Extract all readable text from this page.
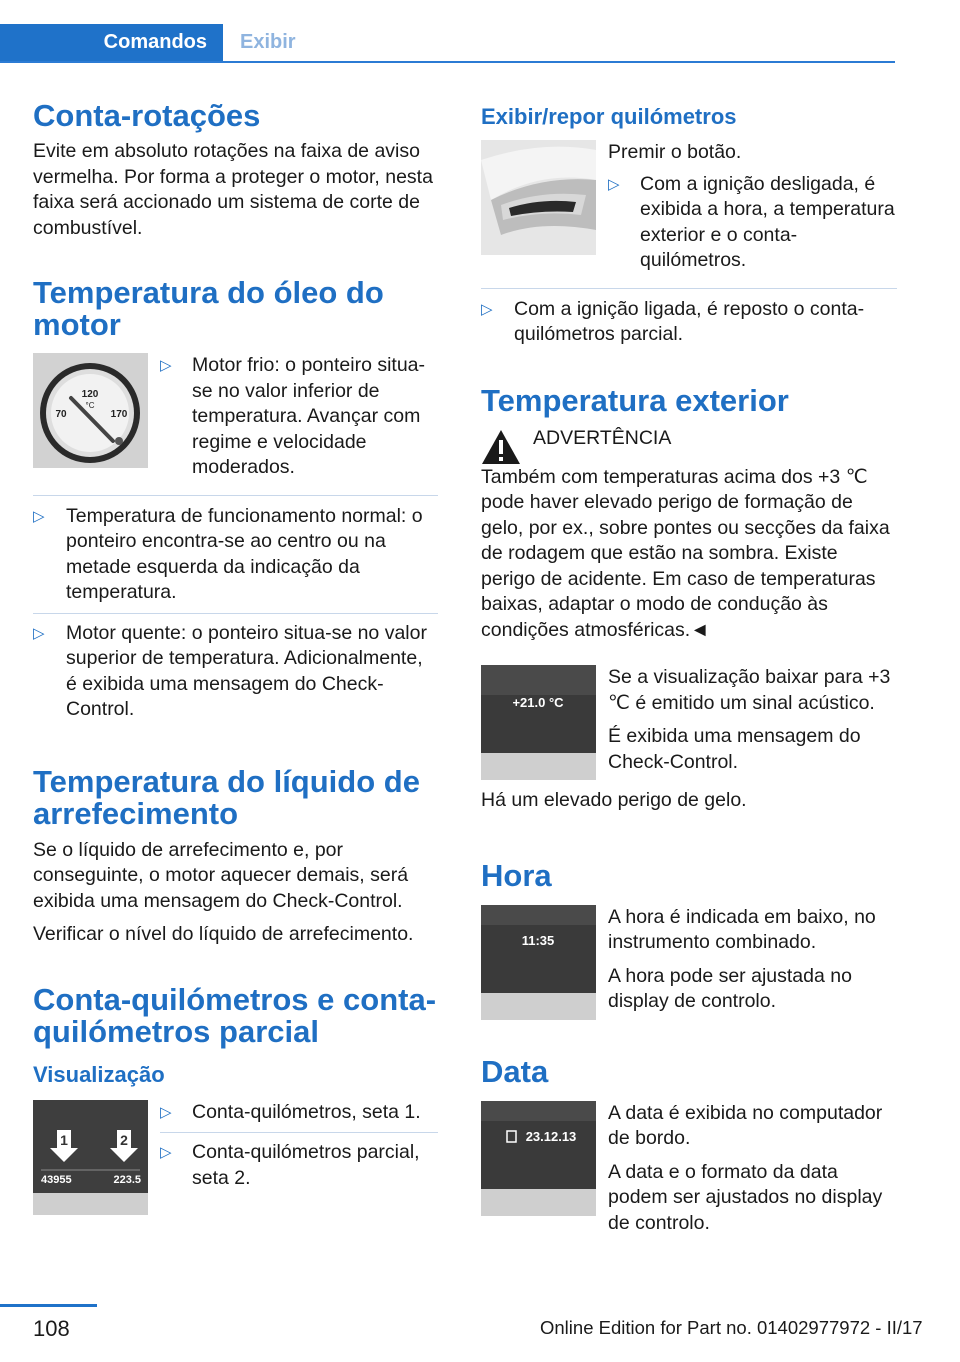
Comandos	Exibir
Conta-rotações

Evite em absoluto rotações na faixa de aviso vermelha. Por forma a proteger o motor, nesta faixa será accionado um sistema de corte de combustível.

Temperatura do óleo do motor
120
°C
70	170
▷ Motor frio: o ponteiro situa-se no valor inferior de temperatura. Avançar com regime e velocidade moderados.
▷ Temperatura de funcionamento normal: o ponteiro encontra-se ao centro ou na metade esquerda da indicação da temperatura.
▷ Motor quente: o ponteiro situa-se no valor superior de temperatura. Adicionalmente, é exibida uma mensagem do Check-Control.
Temperatura do líquido de arrefecimento

Se o líquido de arrefecimento e, por conseguinte, o motor aquecer demais, será exibida uma mensagem do Check-Control.

Verificar o nível do líquido de arrefecimento.

Conta-quilómetros e conta-quilómetros parcial
Visualização
1	2
43955	223.5
▷ Conta-quilómetros, seta 1.
▷ Conta-quilómetros parcial, seta 2.
Exibir/repor quilómetros

Premir o botão.

▷ Com a ignição desligada, é exibida a hora, a temperatura exterior e o conta-quilómetros.
▷ Com a ignição ligada, é reposto o conta-quilómetros parcial.
Temperatura exterior

ADVERTÊNCIA

Também com temperaturas acima dos +3 ℃ pode haver elevado perigo de formação de gelo, por ex., sobre pontes ou secções da faixa de rodagem que estão na sombra. Existe perigo de acidente. Em caso de temperaturas baixas, adaptar o modo de condução às condições atmosféricas.◄

+21.0 °C

Se a visualização baixar para +3 ℃ é emitido um sinal acústico.

É exibida uma mensagem do Check-Control.

Há um elevado perigo de gelo.

Hora
11:35

A hora é indicada em baixo, no instrumento combinado.

A hora pode ser ajustada no display de controlo.

Data
23.12.13

A data é exibida no computador de bordo.

A data e o formato da data podem ser ajustados no display de controlo.

108	Online Edition for Part no. 01402977972 - II/17
